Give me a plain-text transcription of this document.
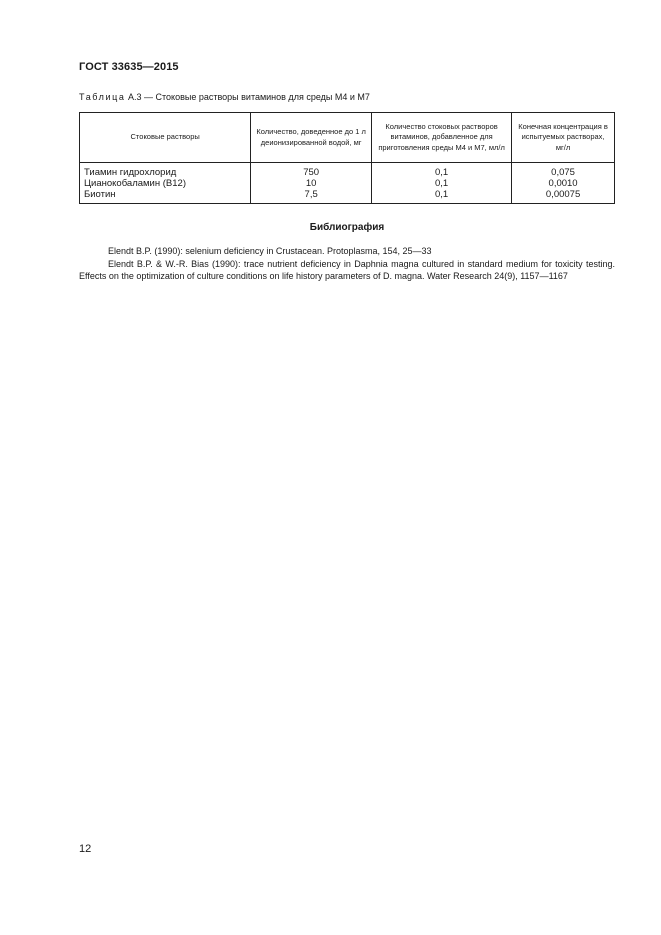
ГОСТ 33635—2015
Таблица А.3 — Стоковые растворы витаминов для среды М4 и М7
Стоковые растворы	Количество, доведенное до 1 л деионизированной водой, мг	Количество стоковых растворов витаминов, добавленное для приготовления среды М4 и М7, мл/л	Конечная концентрация в испытуемых растворах, мг/л
Тиамин гидрохлорид	750	0,1	0,075
Цианокобаламин (В12)	10	0,1	0,0010
Биотин	7,5	0,1	0,00075
Библиография
Elendt B.P. (1990): selenium deficiency in Crustacean. Protoplasma, 154, 25—33
Elendt B.P. & W.-R. Bias (1990): trace nutrient deficiency in Daphnia magna cultured in standard medium for toxicity testing. Effects on the optimization of culture conditions on life history parameters of D. magna. Water Research 24(9), 1157—1167
12
